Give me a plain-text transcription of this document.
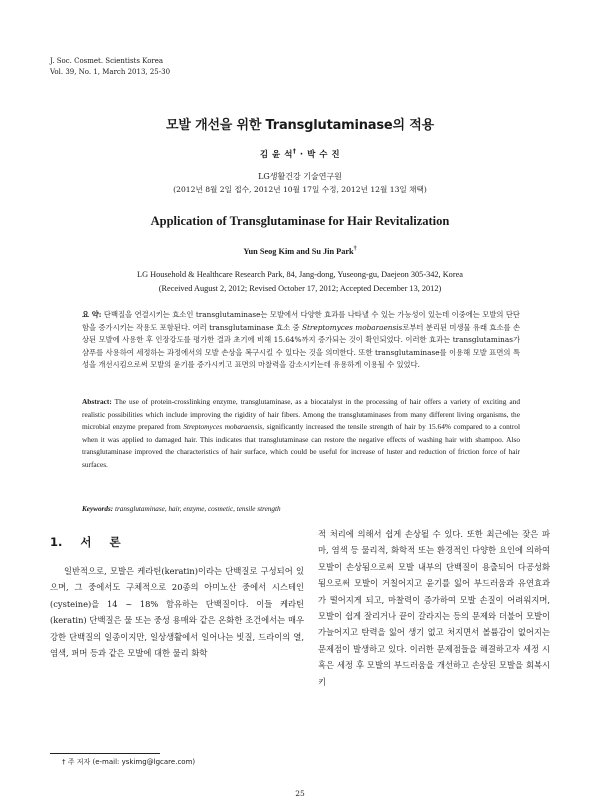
J. Soc. Cosmet. Scientists Korea
Vol. 39, No. 1, March 2013, 25-30
모발 개선을 위한 Transglutaminase의 적용
김 윤 석† · 박 수 진
LG생활건강 기술연구원
(2012년 8월 2일 접수, 2012년 10월 17일 수정, 2012년 12월 13일 채택)
Application of Transglutaminase for Hair Revitalization
Yun Seog Kim and Su Jin Park†
LG Household & Healthcare Research Park, 84, Jang-dong, Yuseong-gu, Daejeon 305-342, Korea
(Received August 2, 2012; Revised October 17, 2012; Accepted December 13, 2012)
요 약: 단백질을 연결시키는 효소인 transglutaminase는 모발에서 다양한 효과를 나타낼 수 있는 가능성이 있는데 이중에는 모발의 단단함을 증가시키는 작용도 포함된다. 여러 transglutaminase 효소 중 Streptomyces mobaraensis로부터 분리된 미생물 유래 효소를 손상된 모발에 사용한 후 인장강도를 평가한 결과 초기에 비해 15.64%까지 증가되는 것이 확인되었다. 이러한 효과는 transglutaminas가 샴푸를 사용하여 세정하는 과정에서의 모발 손상을 복구시킬 수 있다는 것을 의미한다. 또한 transglutaminase를 이용해 모발 표면의 특성을 개선시킴으로써 모발의 윤기를 증가시키고 표면의 마찰력을 감소시키는데 유용하게 이용될 수 있었다.
Abstract: The use of protein-crosslinking enzyme, transglutaminase, as a biocatalyst in the processing of hair offers a variety of exciting and realistic possibilities which include improving the rigidity of hair fibers. Among the transglutaminases from many different living organisms, the microbial enzyme prepared from Streptomyces mobaraensis, significantly increased the tensile strength of hair by 15.64% compared to a control when it was applied to damaged hair. This indicates that transglutaminase can restore the negative effects of washing hair with shampoo. Also transglutaminase improved the characteristics of hair surface, which could be useful for increase of luster and reduction of friction force of hair surfaces.
Keywords: transglutaminase, hair, enzyme, cosmetic, tensile strength
1. 서 론

일반적으로, 모발은 케라틴(keratin)이라는 단백질로 구성되어 있으며, 그 중에서도 구체적으로 20종의 아미노산 중에서 시스테인(cysteine)을 14 ~ 18% 함유하는 단백질이다. 이들 케라틴(keratin) 단백질은 물 또는 중성 용매와 같은 온화한 조건에서는 매우 강한 단백질의 일종이지만, 일상생활에서 일어나는 빗질, 드라이의 열, 염색, 퍼머 등과 같은 모발에 대한 물리 화학

적 처리에 의해서 쉽게 손상될 수 있다. 또한 최근에는 잦은 파마, 염색 등 물리적, 화학적 또는 환경적인 다양한 요인에 의하여 모발이 손상됨으로써 모발 내부의 단백질이 용출되어 다공성화 됨으로써 모발이 거칠어지고 윤기를 잃어 부드러움과 유연효과가 떨어지게 되고, 마찰력이 증가하여 모발 손질이 어려워지며, 모발이 쉽게 잘리거나 끝이 갈라지는 등의 문제와 더불어 모발이 가늘어지고 탄력을 잃어 생기 없고 처지면서 볼륨감이 없어지는 문제점이 발생하고 있다. 이러한 문제점들을 해결하고자 세정 시 혹은 세정 후 모발의 부드러움을 개선하고 손상된 모발을 회복시키

† 주 저자 (e-mail: yskimg@lgcare.com)
25
